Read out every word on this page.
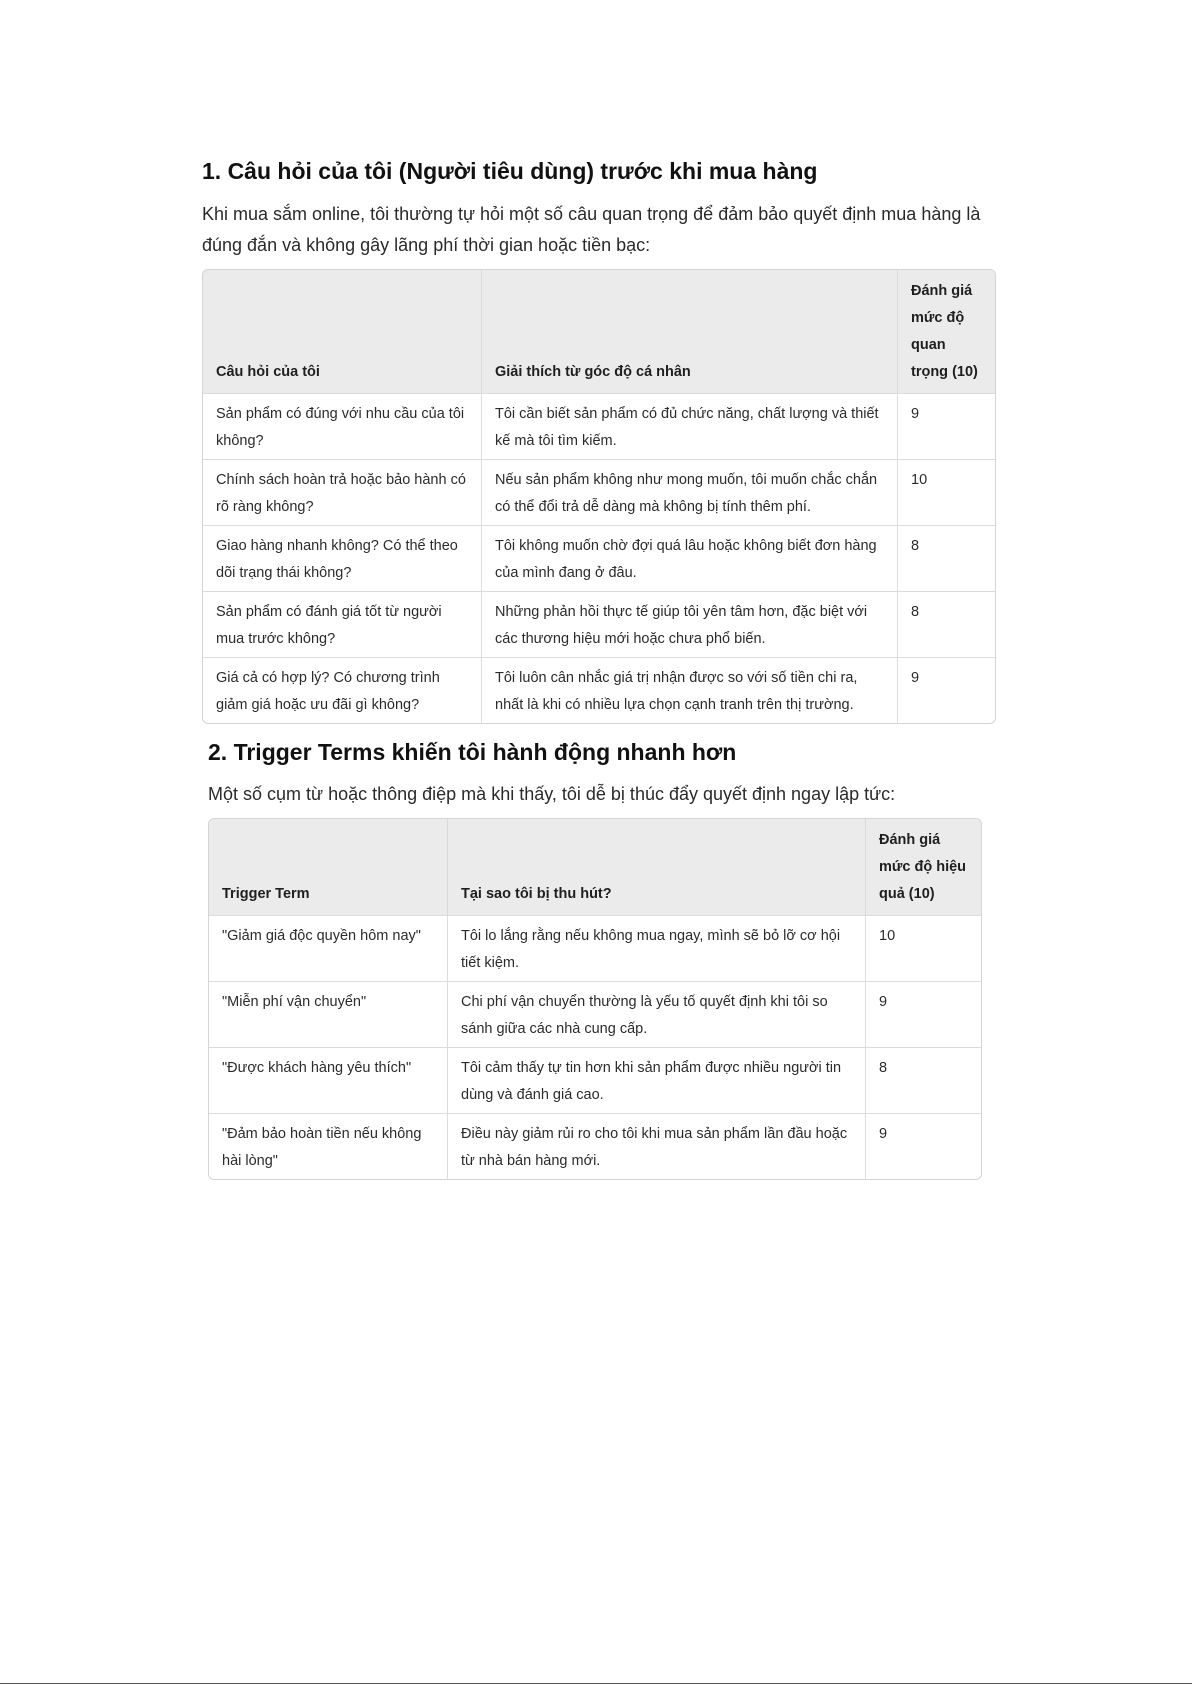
1. Câu hỏi của tôi (Người tiêu dùng) trước khi mua hàng

Khi mua sắm online, tôi thường tự hỏi một số câu quan trọng để đảm bảo quyết định mua hàng là đúng đắn và không gây lãng phí thời gian hoặc tiền bạc:

Câu hỏi của tôi	Giải thích từ góc độ cá nhân	Đánh giá mức độ quan trọng (10)
Sản phẩm có đúng với nhu cầu của tôi không?	Tôi cần biết sản phẩm có đủ chức năng, chất lượng và thiết kế mà tôi tìm kiếm.	9
Chính sách hoàn trả hoặc bảo hành có rõ ràng không?	Nếu sản phẩm không như mong muốn, tôi muốn chắc chắn có thể đổi trả dễ dàng mà không bị tính thêm phí.	10
Giao hàng nhanh không? Có thể theo dõi trạng thái không?	Tôi không muốn chờ đợi quá lâu hoặc không biết đơn hàng của mình đang ở đâu.	8
Sản phẩm có đánh giá tốt từ người mua trước không?	Những phản hồi thực tế giúp tôi yên tâm hơn, đặc biệt với các thương hiệu mới hoặc chưa phổ biến.	8
Giá cả có hợp lý? Có chương trình giảm giá hoặc ưu đãi gì không?	Tôi luôn cân nhắc giá trị nhận được so với số tiền chi ra, nhất là khi có nhiều lựa chọn cạnh tranh trên thị trường.	9
2. Trigger Terms khiến tôi hành động nhanh hơn

Một số cụm từ hoặc thông điệp mà khi thấy, tôi dễ bị thúc đẩy quyết định ngay lập tức:

Trigger Term	Tại sao tôi bị thu hút?	Đánh giá mức độ hiệu quả (10)
"Giảm giá độc quyền hôm nay"	Tôi lo lắng rằng nếu không mua ngay, mình sẽ bỏ lỡ cơ hội tiết kiệm.	10
"Miễn phí vận chuyển"	Chi phí vận chuyển thường là yếu tố quyết định khi tôi so sánh giữa các nhà cung cấp.	9
"Được khách hàng yêu thích"	Tôi cảm thấy tự tin hơn khi sản phẩm được nhiều người tin dùng và đánh giá cao.	8
"Đảm bảo hoàn tiền nếu không hài lòng"	Điều này giảm rủi ro cho tôi khi mua sản phẩm lần đầu hoặc từ nhà bán hàng mới.	9
